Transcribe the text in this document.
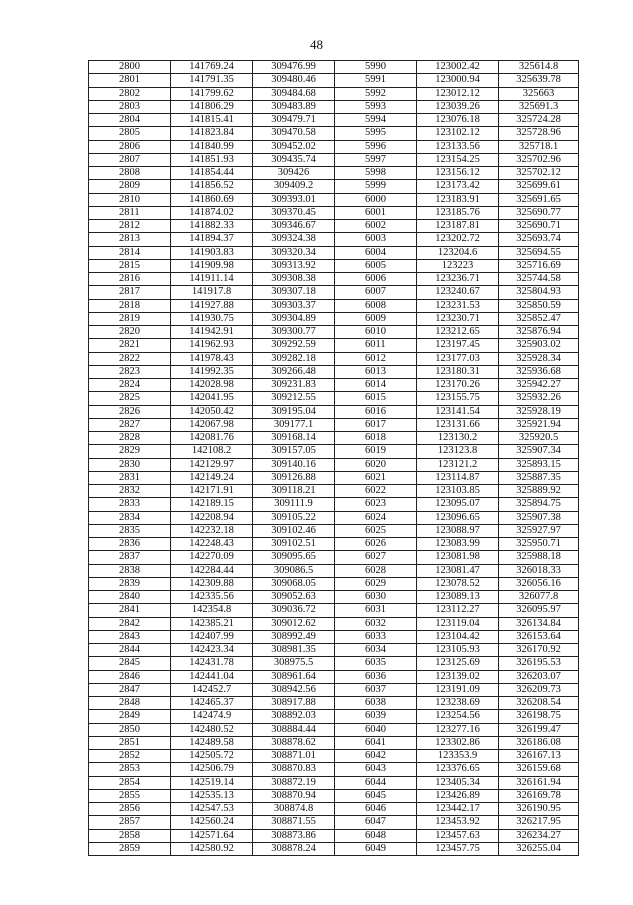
48
2800	141769.24	309476.99	5990	123002.42	325614.8
2801	141791.35	309480.46	5991	123000.94	325639.78
2802	141799.62	309484.68	5992	123012.12	325663
2803	141806.29	309483.89	5993	123039.26	325691.3
2804	141815.41	309479.71	5994	123076.18	325724.28
2805	141823.84	309470.58	5995	123102.12	325728.96
2806	141840.99	309452.02	5996	123133.56	325718.1
2807	141851.93	309435.74	5997	123154.25	325702.96
2808	141854.44	309426	5998	123156.12	325702.12
2809	141856.52	309409.2	5999	123173.42	325699.61
2810	141860.69	309393.01	6000	123183.91	325691.65
2811	141874.02	309370.45	6001	123185.76	325690.77
2812	141882.33	309346.67	6002	123187.81	325690.71
2813	141894.37	309324.38	6003	123202.72	325693.74
2814	141903.83	309320.34	6004	123204.6	325694.55
2815	141909.98	309313.92	6005	123223	325716.69
2816	141911.14	309308.38	6006	123236.71	325744.58
2817	141917.8	309307.18	6007	123240.67	325804.93
2818	141927.88	309303.37	6008	123231.53	325850.59
2819	141930.75	309304.89	6009	123230.71	325852.47
2820	141942.91	309300.77	6010	123212.65	325876.94
2821	141962.93	309292.59	6011	123197.45	325903.02
2822	141978.43	309282.18	6012	123177.03	325928.34
2823	141992.35	309266.48	6013	123180.31	325936.68
2824	142028.98	309231.83	6014	123170.26	325942.27
2825	142041.95	309212.55	6015	123155.75	325932.26
2826	142050.42	309195.04	6016	123141.54	325928.19
2827	142067.98	309177.1	6017	123131.66	325921.94
2828	142081.76	309168.14	6018	123130.2	325920.5
2829	142108.2	309157.05	6019	123123.8	325907.34
2830	142129.97	309140.16	6020	123121.2	325893.15
2831	142149.24	309126.88	6021	123114.87	325887.35
2832	142171.91	309118.21	6022	123103.85	325889.92
2833	142189.15	309111.9	6023	123095.07	325894.75
2834	142208.94	309105.22	6024	123096.65	325907.38
2835	142232.18	309102.46	6025	123088.97	325927.97
2836	142248.43	309102.51	6026	123083.99	325950.71
2837	142270.09	309095.65	6027	123081.98	325988.18
2838	142284.44	309086.5	6028	123081.47	326018.33
2839	142309.88	309068.05	6029	123078.52	326056.16
2840	142335.56	309052.63	6030	123089.13	326077.8
2841	142354.8	309036.72	6031	123112.27	326095.97
2842	142385.21	309012.62	6032	123119.04	326134.84
2843	142407.99	308992.49	6033	123104.42	326153.64
2844	142423.34	308981.35	6034	123105.93	326170.92
2845	142431.78	308975.5	6035	123125.69	326195.53
2846	142441.04	308961.64	6036	123139.02	326203.07
2847	142452.7	308942.56	6037	123191.09	326209.73
2848	142465.37	308917.88	6038	123238.69	326208.54
2849	142474.9	308892.03	6039	123254.56	326198.75
2850	142480.52	308884.44	6040	123277.16	326199.47
2851	142489.58	308878.62	6041	123302.86	326186.08
2852	142505.72	308871.01	6042	123353.9	326167.13
2853	142506.79	308870.83	6043	123376.65	326159.68
2854	142519.14	308872.19	6044	123405.34	326161.94
2855	142535.13	308870.94	6045	123426.89	326169.78
2856	142547.53	308874.8	6046	123442.17	326190.95
2857	142560.24	308871.55	6047	123453.92	326217.95
2858	142571.64	308873.86	6048	123457.63	326234.27
2859	142580.92	308878.24	6049	123457.75	326255.04
